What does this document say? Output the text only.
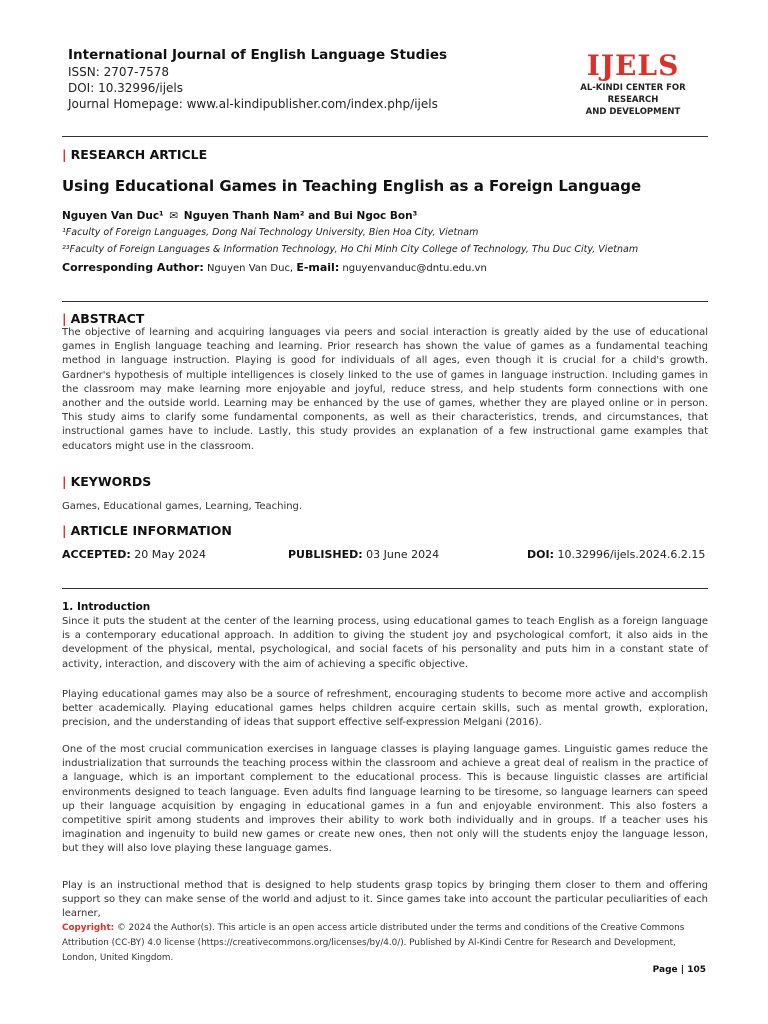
International Journal of English Language Studies
ISSN: 2707-7578
DOI: 10.32996/ijels
Journal Homepage: www.al-kindipublisher.com/index.php/ijels
IJELS
AL-KINDI CENTER FOR RESEARCH
AND DEVELOPMENT
| RESEARCH ARTICLE
Using Educational Games in Teaching English as a Foreign Language
Nguyen Van Duc¹ ✉ Nguyen Thanh Nam² and Bui Ngoc Bon³
¹Faculty of Foreign Languages, Dong Nai Technology University, Bien Hoa City, Vietnam
²³Faculty of Foreign Languages & Information Technology, Ho Chi Minh City College of Technology, Thu Duc City, Vietnam
Corresponding Author: Nguyen Van Duc, E-mail: nguyenvanduc@dntu.edu.vn
| ABSTRACT

The objective of learning and acquiring languages via peers and social interaction is greatly aided by the use of educational games in English language teaching and learning. Prior research has shown the value of games as a fundamental teaching method in language instruction. Playing is good for individuals of all ages, even though it is crucial for a child's growth. Gardner's hypothesis of multiple intelligences is closely linked to the use of games in language instruction. Including games in the classroom may make learning more enjoyable and joyful, reduce stress, and help students form connections with one another and the outside world. Learning may be enhanced by the use of games, whether they are played online or in person. This study aims to clarify some fundamental components, as well as their characteristics, trends, and circumstances, that instructional games have to include. Lastly, this study provides an explanation of a few instructional game examples that educators might use in the classroom.

| KEYWORDS

Games, Educational games, Learning, Teaching.

| ARTICLE INFORMATION
ACCEPTED: 20 May 2024	PUBLISHED: 03 June 2024	DOI: 10.32996/ijels.2024.6.2.15
1. Introduction

Since it puts the student at the center of the learning process, using educational games to teach English as a foreign language is a contemporary educational approach. In addition to giving the student joy and psychological comfort, it also aids in the development of the physical, mental, psychological, and social facets of his personality and puts him in a constant state of activity, interaction, and discovery with the aim of achieving a specific objective.

Playing educational games may also be a source of refreshment, encouraging students to become more active and accomplish better academically. Playing educational games helps children acquire certain skills, such as mental growth, exploration, precision, and the understanding of ideas that support effective self-expression Melgani (2016).

One of the most crucial communication exercises in language classes is playing language games. Linguistic games reduce the industrialization that surrounds the teaching process within the classroom and achieve a great deal of realism in the practice of a language, which is an important complement to the educational process. This is because linguistic classes are artificial environments designed to teach language. Even adults find language learning to be tiresome, so language learners can speed up their language acquisition by engaging in educational games in a fun and enjoyable environment. This also fosters a competitive spirit among students and improves their ability to work both individually and in groups. If a teacher uses his imagination and ingenuity to build new games or create new ones, then not only will the students enjoy the language lesson, but they will also love playing these language games.

Play is an instructional method that is designed to help students grasp topics by bringing them closer to them and offering support so they can make sense of the world and adjust to it. Since games take into account the particular peculiarities of each learner,

Copyright: © 2024 the Author(s). This article is an open access article distributed under the terms and conditions of the Creative Commons Attribution (CC-BY) 4.0 license (https://creativecommons.org/licenses/by/4.0/). Published by Al-Kindi Centre for Research and Development, London, United Kingdom.
Page | 105
